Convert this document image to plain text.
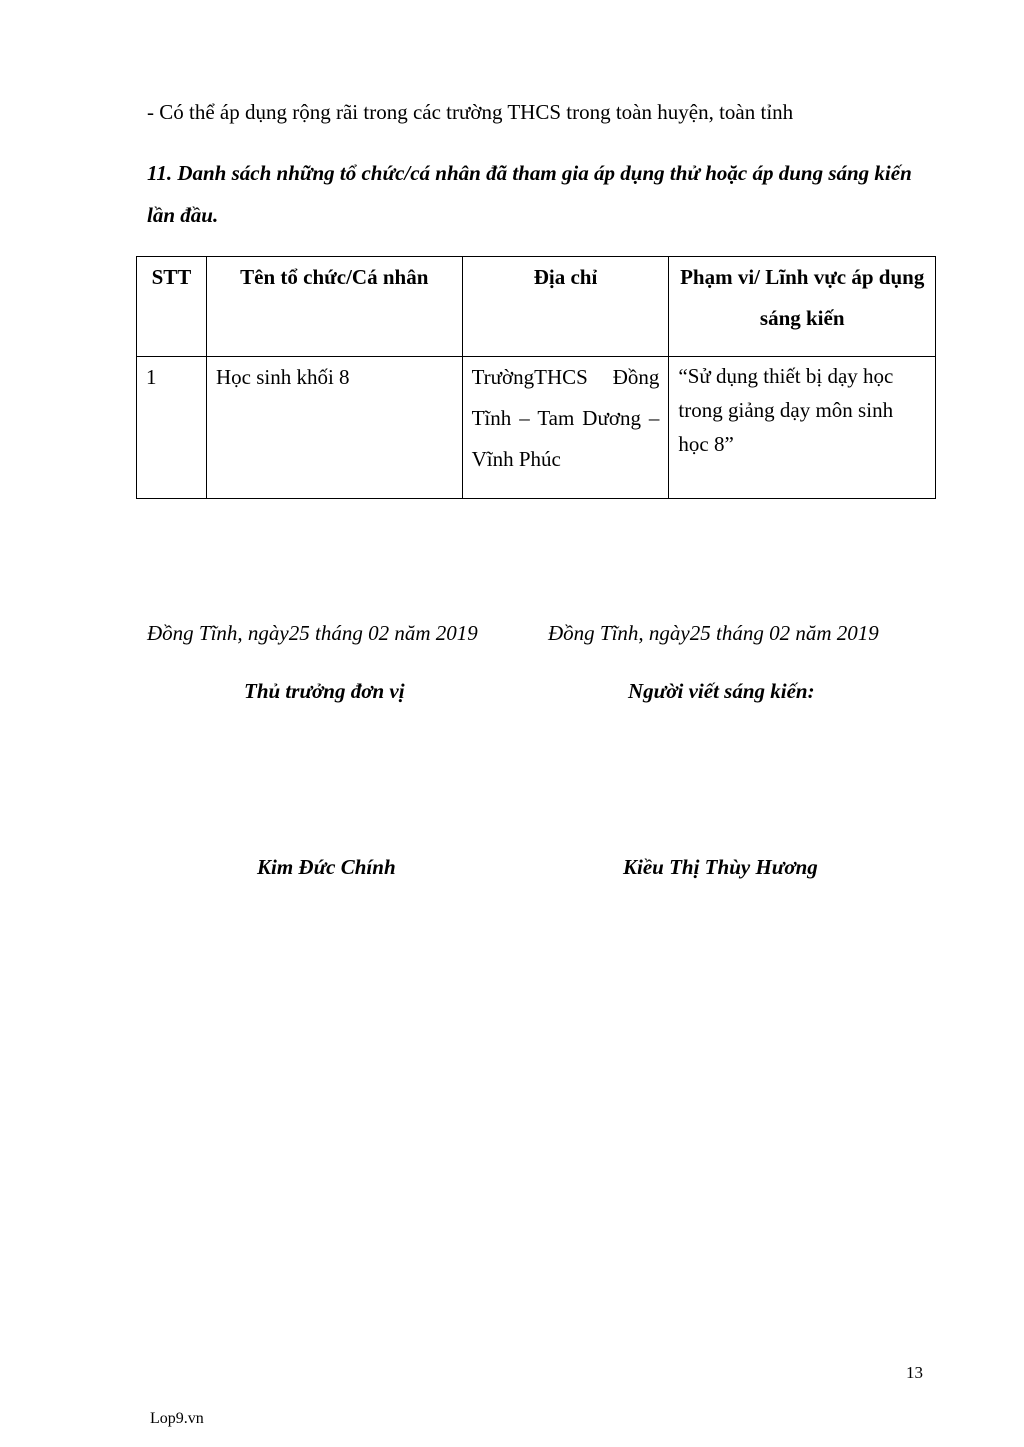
- Có thể áp dụng rộng rãi trong các trường THCS trong toàn huyện, toàn tỉnh
11. Danh sách những tổ chức/cá nhân đã tham gia áp dụng thử hoặc áp dung sáng kiến lần đầu.
STT	Tên tổ chức/Cá nhân	Địa chỉ	Phạm vi/ Lĩnh vực áp dụng sáng kiến
1	Học sinh khối 8	TrườngTHCS Đồng Tĩnh – Tam Dương –Vĩnh Phúc	“Sử dụng thiết bị dạy học trong giảng dạy môn sinh học 8”
Đồng Tĩnh, ngày25 tháng 02 năm 2019	Đồng Tĩnh, ngày25 tháng 02 năm 2019
Thủ trưởng đơn vị	Người viết sáng kiến:
Kim Đức Chính	Kiều Thị Thùy Hương
13
Lop9.vn
